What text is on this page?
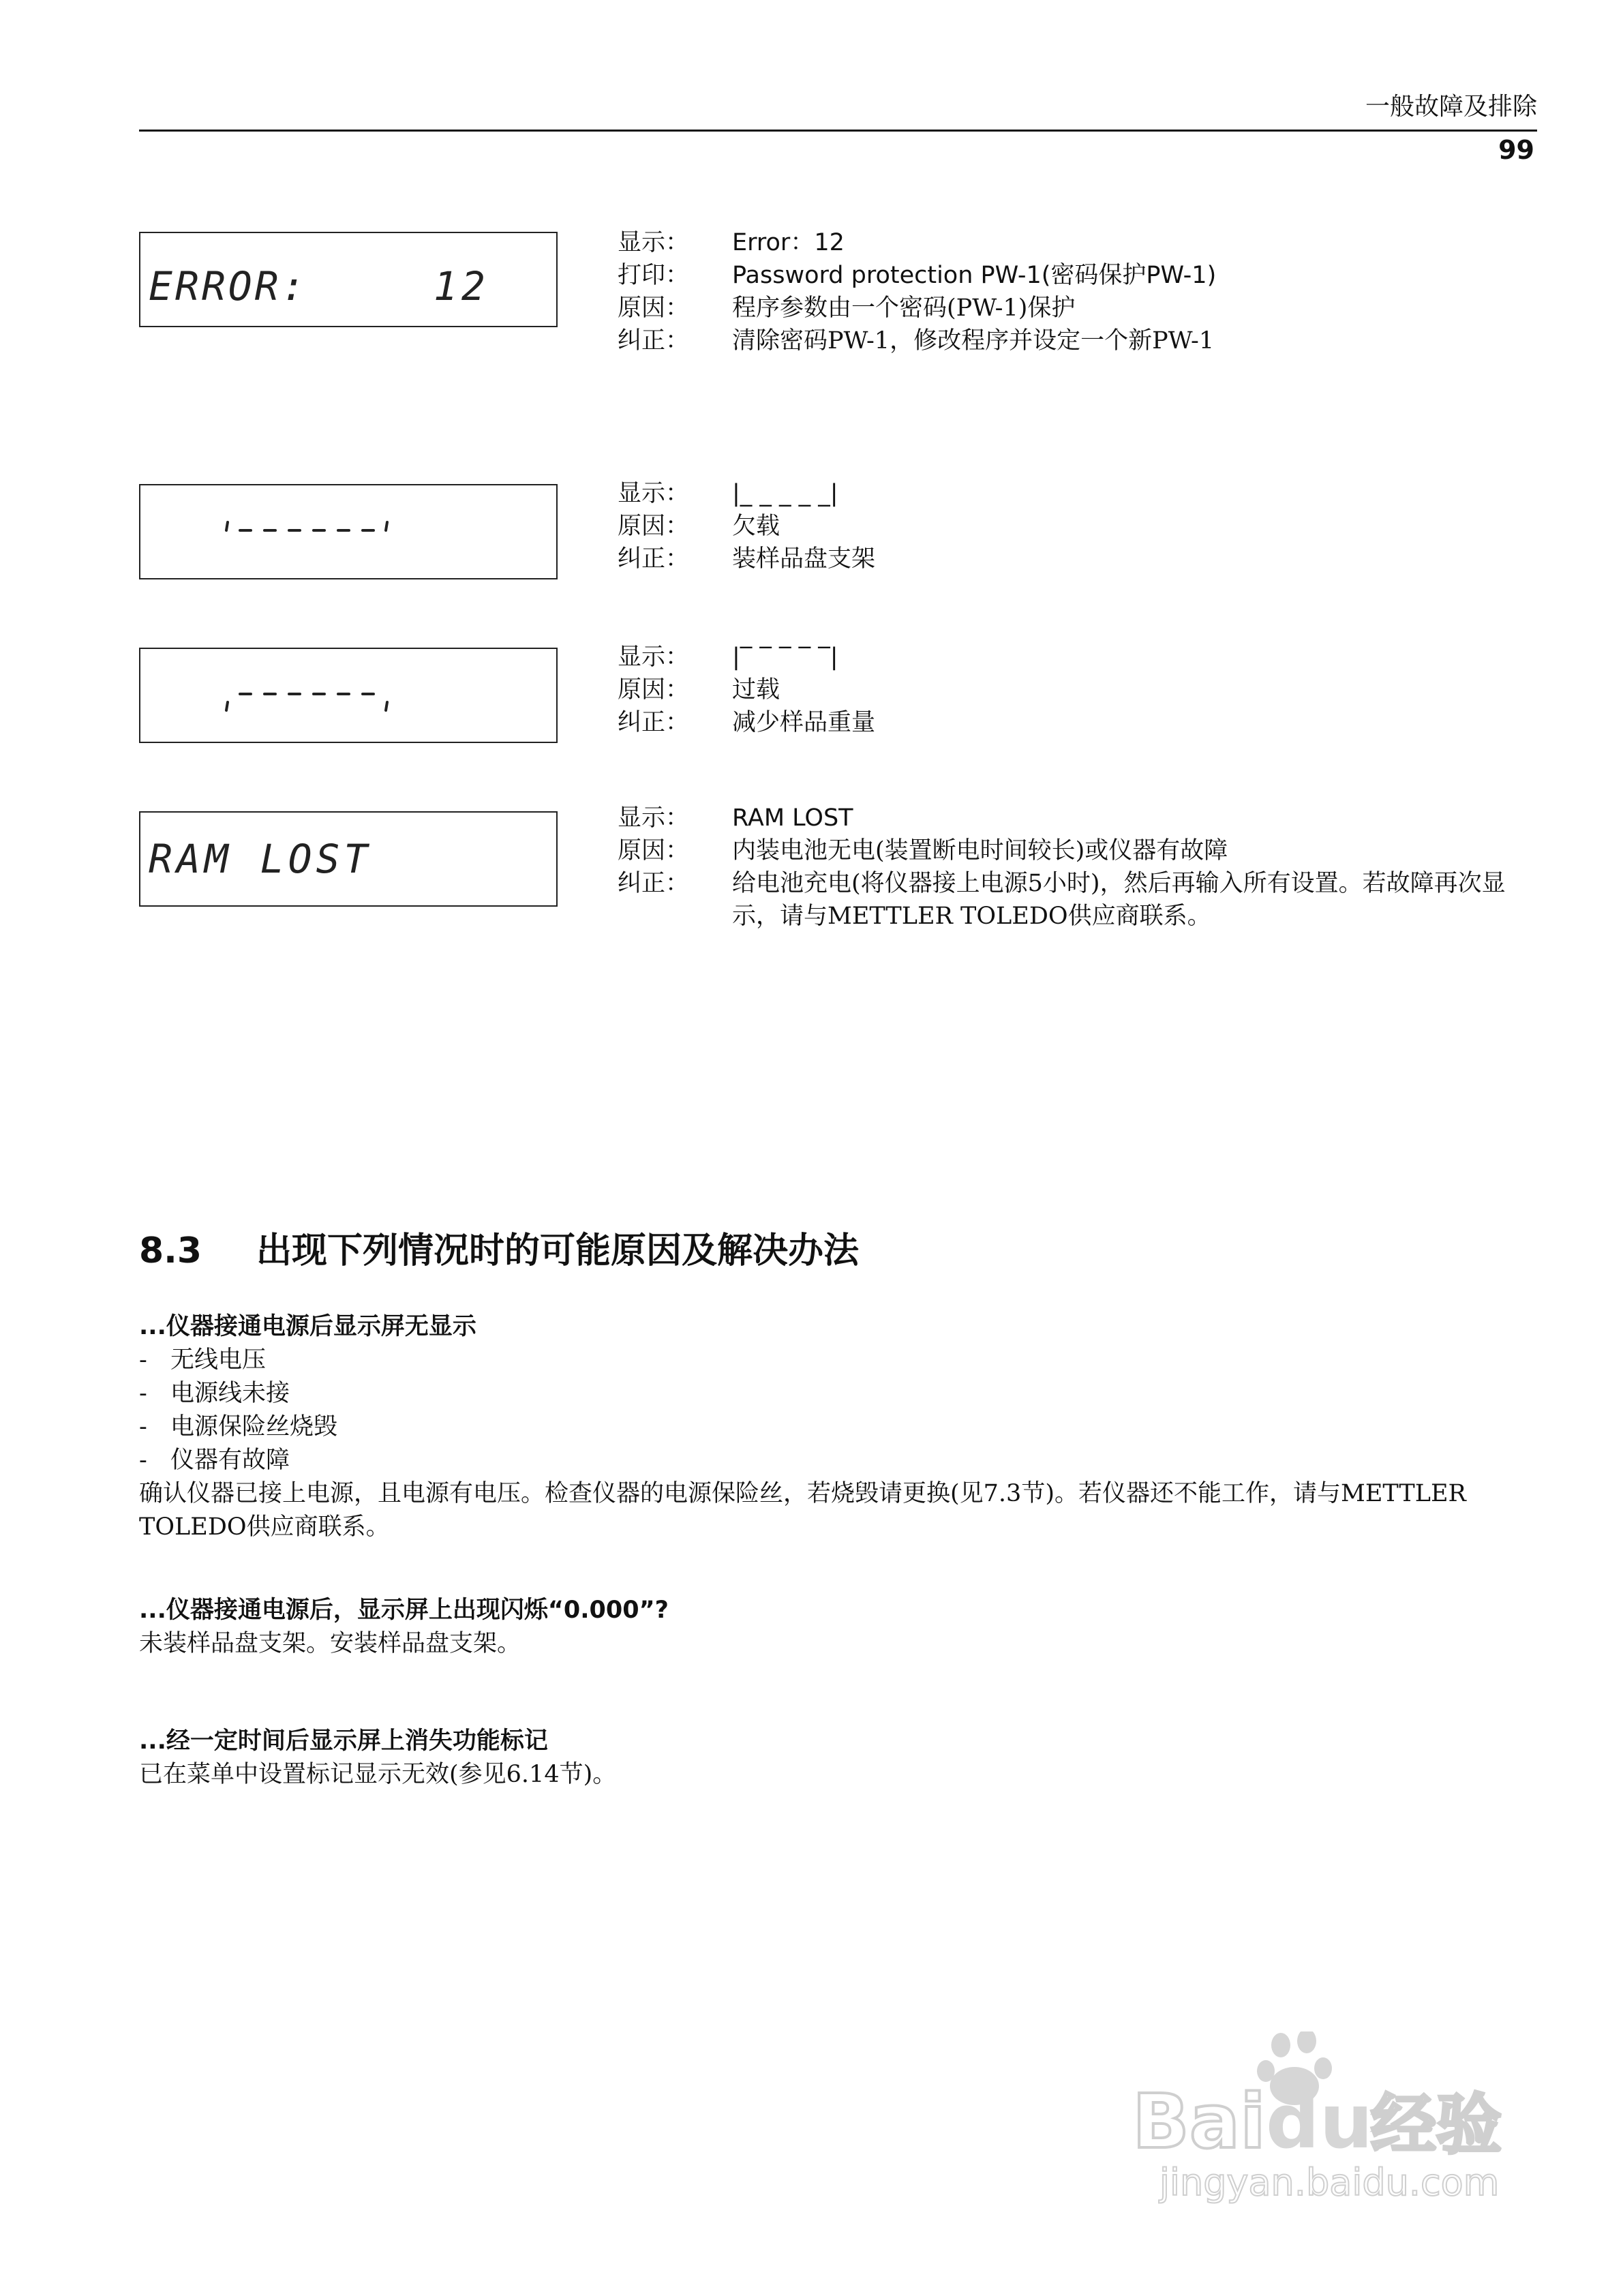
一般故障及排除
99
ERROR:	12
显示：	Error：12
打印：	Password protection PW-1(密码保护PW-1)
原因：	程序参数由一个密码(PW-1)保护
纠正：	清除密码PW-1，修改程序并设定一个新PW-1
显示：	|_ _ _ _ _|
原因：	欠载
纠正：	装样品盘支架
显示：	|‾ ‾ ‾ ‾ ‾|
原因：	过载
纠正：	减少样品重量
RAM LOST
显示：	RAM LOST
原因：	内装电池无电(装置断电时间较长)或仪器有故障
纠正：	给电池充电(将仪器接上电源5小时)，然后再输入所有设置。若故障再次显示，请与METTLER TOLEDO供应商联系。
8.3 出现下列情况时的可能原因及解决办法
...仪器接通电源后显示屏无显示
- 无线电压
- 电源线未接
- 电源保险丝烧毁
- 仪器有故障
确认仪器已接上电源，且电源有电压。检查仪器的电源保险丝，若烧毁请更换(见7.3节)。若仪器还不能工作，请与METTLER TOLEDO供应商联系。
...仪器接通电源后，显示屏上出现闪烁“0.000”?
未装样品盘支架。安装样品盘支架。
...经一定时间后显示屏上消失功能标记
已在菜单中设置标记显示无效(参见6.14节)。
Bai du
经验
jingyan.baidu.com
